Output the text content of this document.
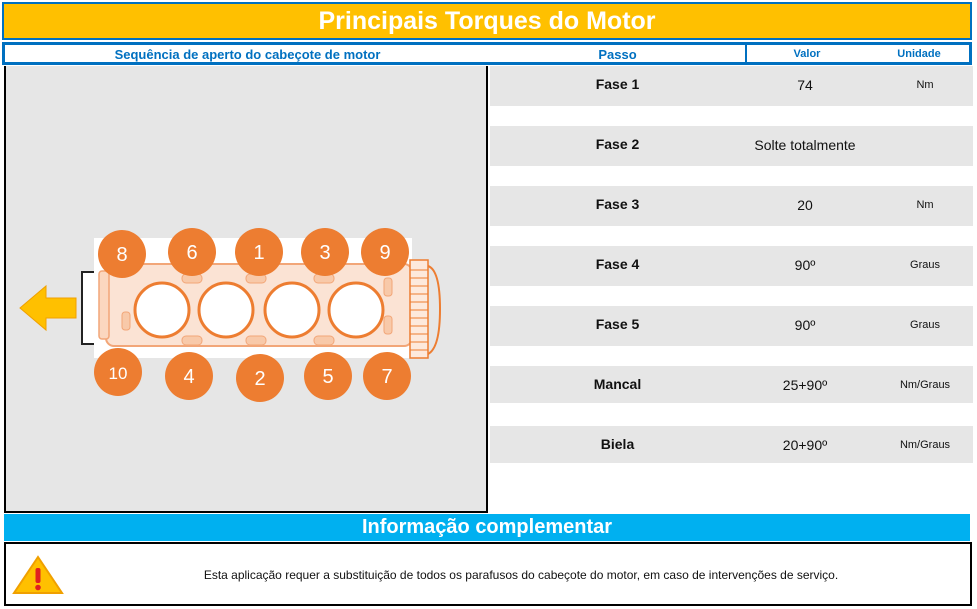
Principais Torques do Motor
Sequência de aperto do cabeçote de motor	Passo	Valor	Unidade
8	6	1	3 9
10	4	2	5 7
Fase 1	74	Nm
Fase 2	Solte totalmente
Fase 3	20	Nm
Fase 4	90º	Graus
Fase 5	90º	Graus
Mancal	25+90º	Nm/Graus
Biela	20+90º	Nm/Graus
Informação complementar
Esta aplicação requer a substituição de todos os parafusos do cabeçote do motor, em caso de intervenções de serviço.
